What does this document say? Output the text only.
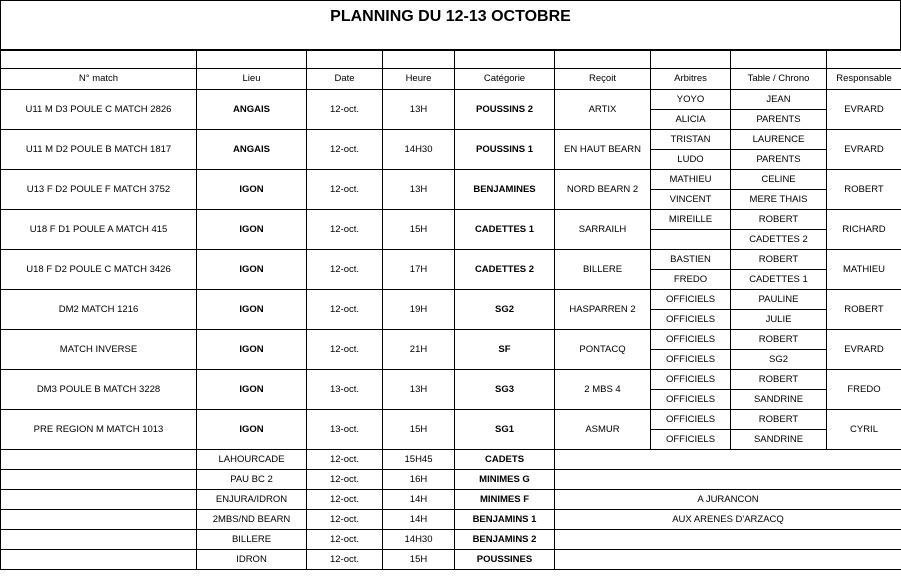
PLANNING DU 12-13 OCTOBRE

N° match	Lieu	Date	Heure	Catégorie	Reçoit	Arbitres	Table / Chrono	Responsable
U11 M D3 POULE C MATCH 2826	ANGAIS	12-oct.	13H	POUSSINS 2	ARTIX	YOYO	JEAN	EVRARD
						ALICIA	PARENTS	
U11 M D2 POULE B MATCH 1817	ANGAIS	12-oct.	14H30	POUSSINS 1	EN HAUT BEARN	TRISTAN	LAURENCE	EVRARD
						LUDO	PARENTS	
U13 F D2 POULE F MATCH 3752	IGON	12-oct.	13H	BENJAMINES	NORD BEARN 2	MATHIEU	CELINE	ROBERT
						VINCENT	MERE THAIS	
U18 F D1 POULE A MATCH 415	IGON	12-oct.	15H	CADETTES 1	SARRAILH	MIREILLE	ROBERT	RICHARD
							CADETTES 2	
U18 F D2 POULE C MATCH 3426	IGON	12-oct.	17H	CADETTES 2	BILLERE	BASTIEN	ROBERT	MATHIEU
						FREDO	CADETTES 1	
DM2 MATCH 1216	IGON	12-oct.	19H	SG2	HASPARREN 2	OFFICIELS	PAULINE	ROBERT
						OFFICIELS	JULIE	
MATCH INVERSE	IGON	12-oct.	21H	SF	PONTACQ	OFFICIELS	ROBERT	EVRARD
						OFFICIELS	SG2	
DM3 POULE B MATCH 3228	IGON	13-oct.	13H	SG3	2 MBS 4	OFFICIELS	ROBERT	FREDO
						OFFICIELS	SANDRINE	
PRE REGION M MATCH 1013	IGON	13-oct.	15H	SG1	ASMUR	OFFICIELS	ROBERT	CYRIL
						OFFICIELS	SANDRINE	
	LAHOURCADE	12-oct.	15H45	CADETS				
	PAU BC 2	12-oct.	16H	MINIMES G				
	ENJURA/IDRON	12-oct.	14H	MINIMES F	A JURANCON			
	2MBS/ND BEARN	12-oct.	14H	BENJAMINS 1	AUX ARENES D'ARZACQ			
	BILLERE	12-oct.	14H30	BENJAMINS 2				
	IDRON	12-oct.	15H	POUSSINES				
